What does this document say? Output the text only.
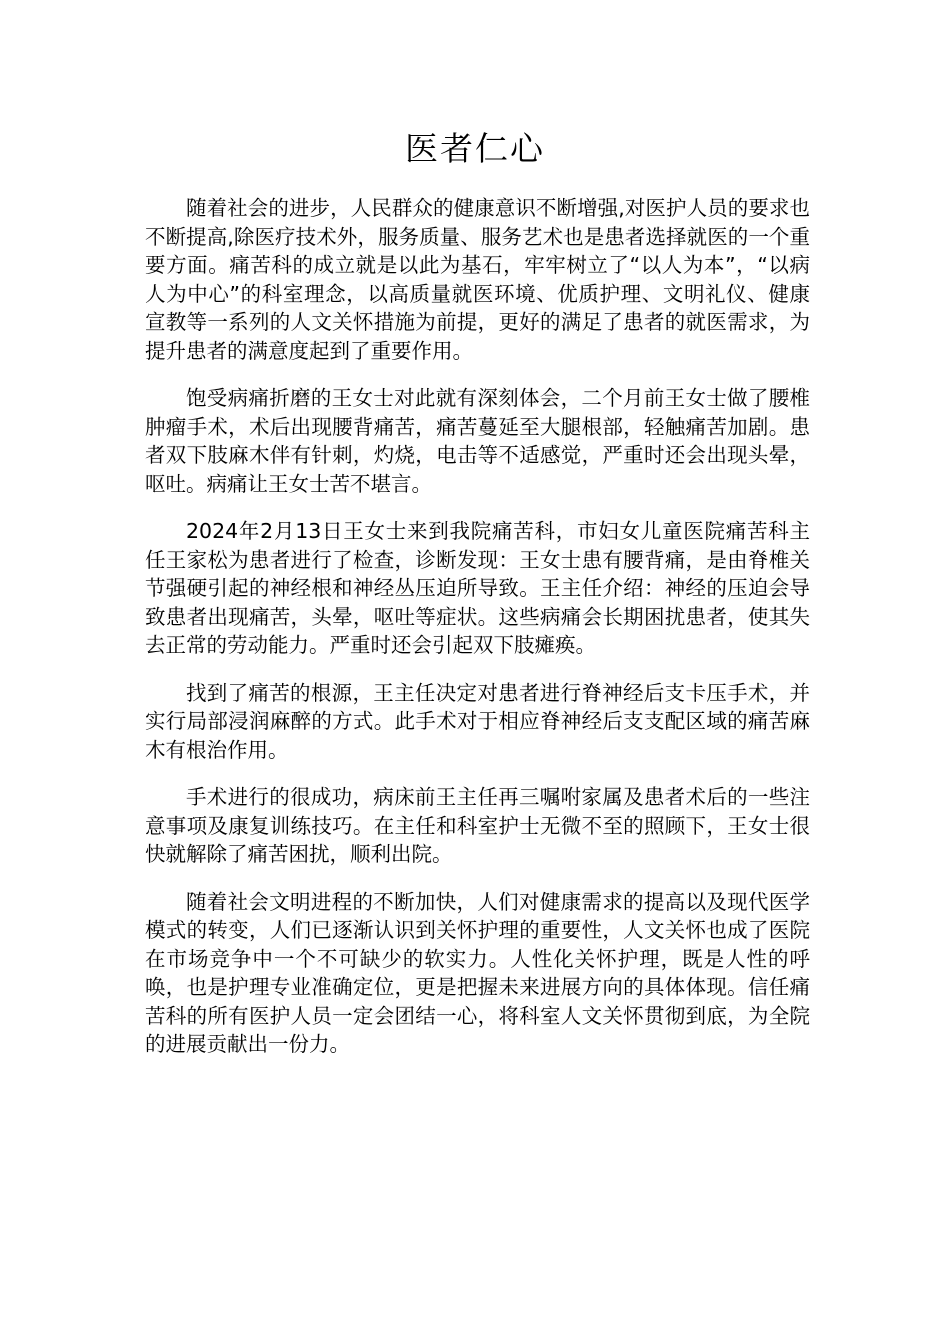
医者仁心

随着社会的进步，人民群众的健康意识不断增强,对医护人员的要求也不断提高,除医疗技术外，服务质量、服务艺术也是患者选择就医的一个重要方面。痛苦科的成立就是以此为基石，牢牢树立了“以人为本”，“以病人为中心”的科室理念，以高质量就医环境、优质护理、文明礼仪、健康宣教等一系列的人文关怀措施为前提，更好的满足了患者的就医需求，为提升患者的满意度起到了重要作用。

饱受病痛折磨的王女士对此就有深刻体会，二个月前王女士做了腰椎肿瘤手术，术后出现腰背痛苦，痛苦蔓延至大腿根部，轻触痛苦加剧。患者双下肢麻木伴有针刺，灼烧，电击等不适感觉，严重时还会出现头晕，呕吐。病痛让王女士苦不堪言。

2024年2月13日王女士来到我院痛苦科，市妇女儿童医院痛苦科主任王家松为患者进行了检查，诊断发现：王女士患有腰背痛，是由脊椎关节强硬引起的神经根和神经丛压迫所导致。王主任介绍：神经的压迫会导致患者出现痛苦，头晕，呕吐等症状。这些病痛会长期困扰患者，使其失去正常的劳动能力。严重时还会引起双下肢瘫痪。

找到了痛苦的根源，王主任决定对患者进行脊神经后支卡压手术，并实行局部浸润麻醉的方式。此手术对于相应脊神经后支支配区域的痛苦麻木有根治作用。

手术进行的很成功，病床前王主任再三嘱咐家属及患者术后的一些注意事项及康复训练技巧。在主任和科室护士无微不至的照顾下，王女士很快就解除了痛苦困扰，顺利出院。

随着社会文明进程的不断加快，人们对健康需求的提高以及现代医学模式的转变，人们已逐渐认识到关怀护理的重要性，人文关怀也成了医院在市场竞争中一个不可缺少的软实力。人性化关怀护理，既是人性的呼唤，也是护理专业准确定位，更是把握未来进展方向的具体体现。信任痛苦科的所有医护人员一定会团结一心，将科室人文关怀贯彻到底，为全院的进展贡献出一份力。
